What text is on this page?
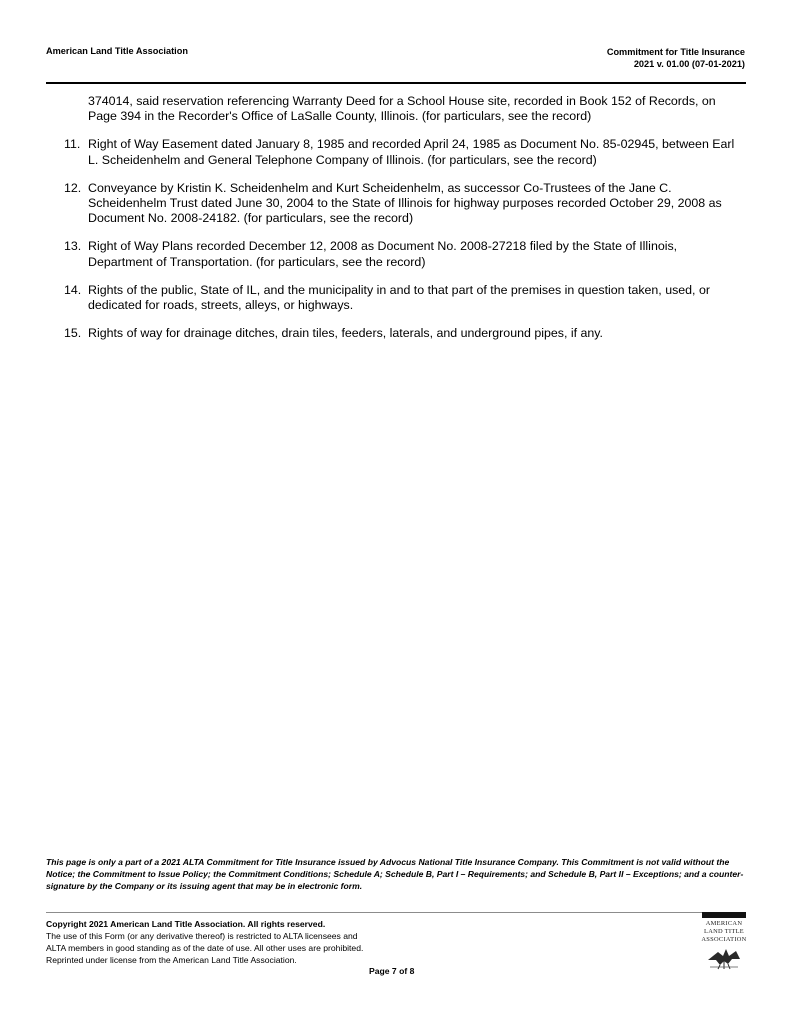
American Land Title Association	Commitment for Title Insurance
2021 v. 01.00 (07-01-2021)
374014, said reservation referencing Warranty Deed for a School House site, recorded in Book 152 of Records, on Page 394 in the Recorder's Office of LaSalle County, Illinois. (for particulars, see the record)
11. Right of Way Easement dated January 8, 1985 and recorded April 24, 1985 as Document No. 85-02945, between Earl L. Scheidenhelm and General Telephone Company of Illinois. (for particulars, see the record)
12. Conveyance by Kristin K. Scheidenhelm and Kurt Scheidenhelm, as successor Co-Trustees of the Jane C. Scheidenhelm Trust dated June 30, 2004 to the State of Illinois for highway purposes recorded October 29, 2008 as Document No. 2008-24182. (for particulars, see the record)
13. Right of Way Plans recorded December 12, 2008 as Document No. 2008-27218 filed by the State of Illinois, Department of Transportation. (for particulars, see the record)
14. Rights of the public, State of IL, and the municipality in and to that part of the premises in question taken, used, or dedicated for roads, streets, alleys, or highways.
15. Rights of way for drainage ditches, drain tiles, feeders, laterals, and underground pipes, if any.
This page is only a part of a 2021 ALTA Commitment for Title Insurance issued by Advocus National Title Insurance Company. This Commitment is not valid without the Notice; the Commitment to Issue Policy; the Commitment Conditions; Schedule A; Schedule B, Part I – Requirements; and Schedule B, Part II – Exceptions; and a counter-signature by the Company or its issuing agent that may be in electronic form.
Copyright 2021 American Land Title Association. All rights reserved.
The use of this Form (or any derivative thereof) is restricted to ALTA licensees and
ALTA members in good standing as of the date of use. All other uses are prohibited.
Reprinted under license from the American Land Title Association.
Page 7 of 8
AMERICAN
LAND TITLE
ASSOCIATION
